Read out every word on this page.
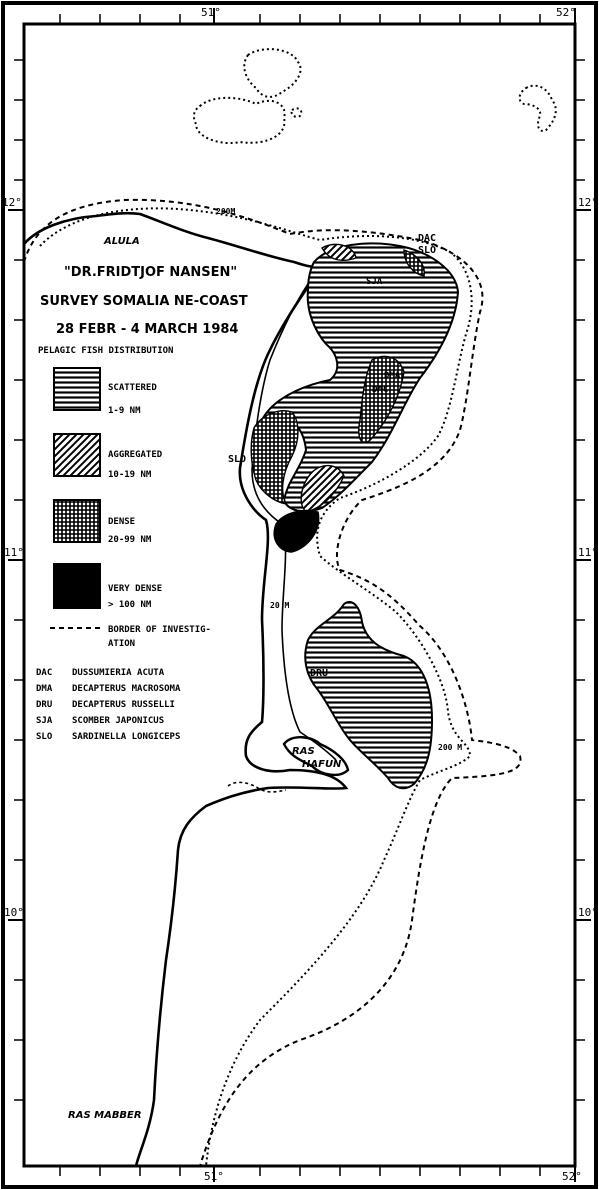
51°	52°
51°	52°
12°	12°
11°	11°
10°	10°
200M
DAC
SLO
SJA
DMA
DAC
SLO
20 M
DRU
200 M
ALULA
RAS
HAFUN
RAS MABBER
"DR.FRIDTJOF NANSEN"
SURVEY SOMALIA NE-COAST
28 FEBR - 4 MARCH 1984
PELAGIC FISH DISTRIBUTION
SCATTERED
1-9 NM
AGGREGATED
10-19 NM
DENSE
20-99 NM
VERY DENSE
> 100 NM
BORDER OF INVESTIG-
ATION
DAC DUSSUMIERIA ACUTA
DMA DECAPTERUS MACROSOMA
DRU DECAPTERUS RUSSELLI
SJA SCOMBER JAPONICUS
SLO SARDINELLA LONGICEPS
